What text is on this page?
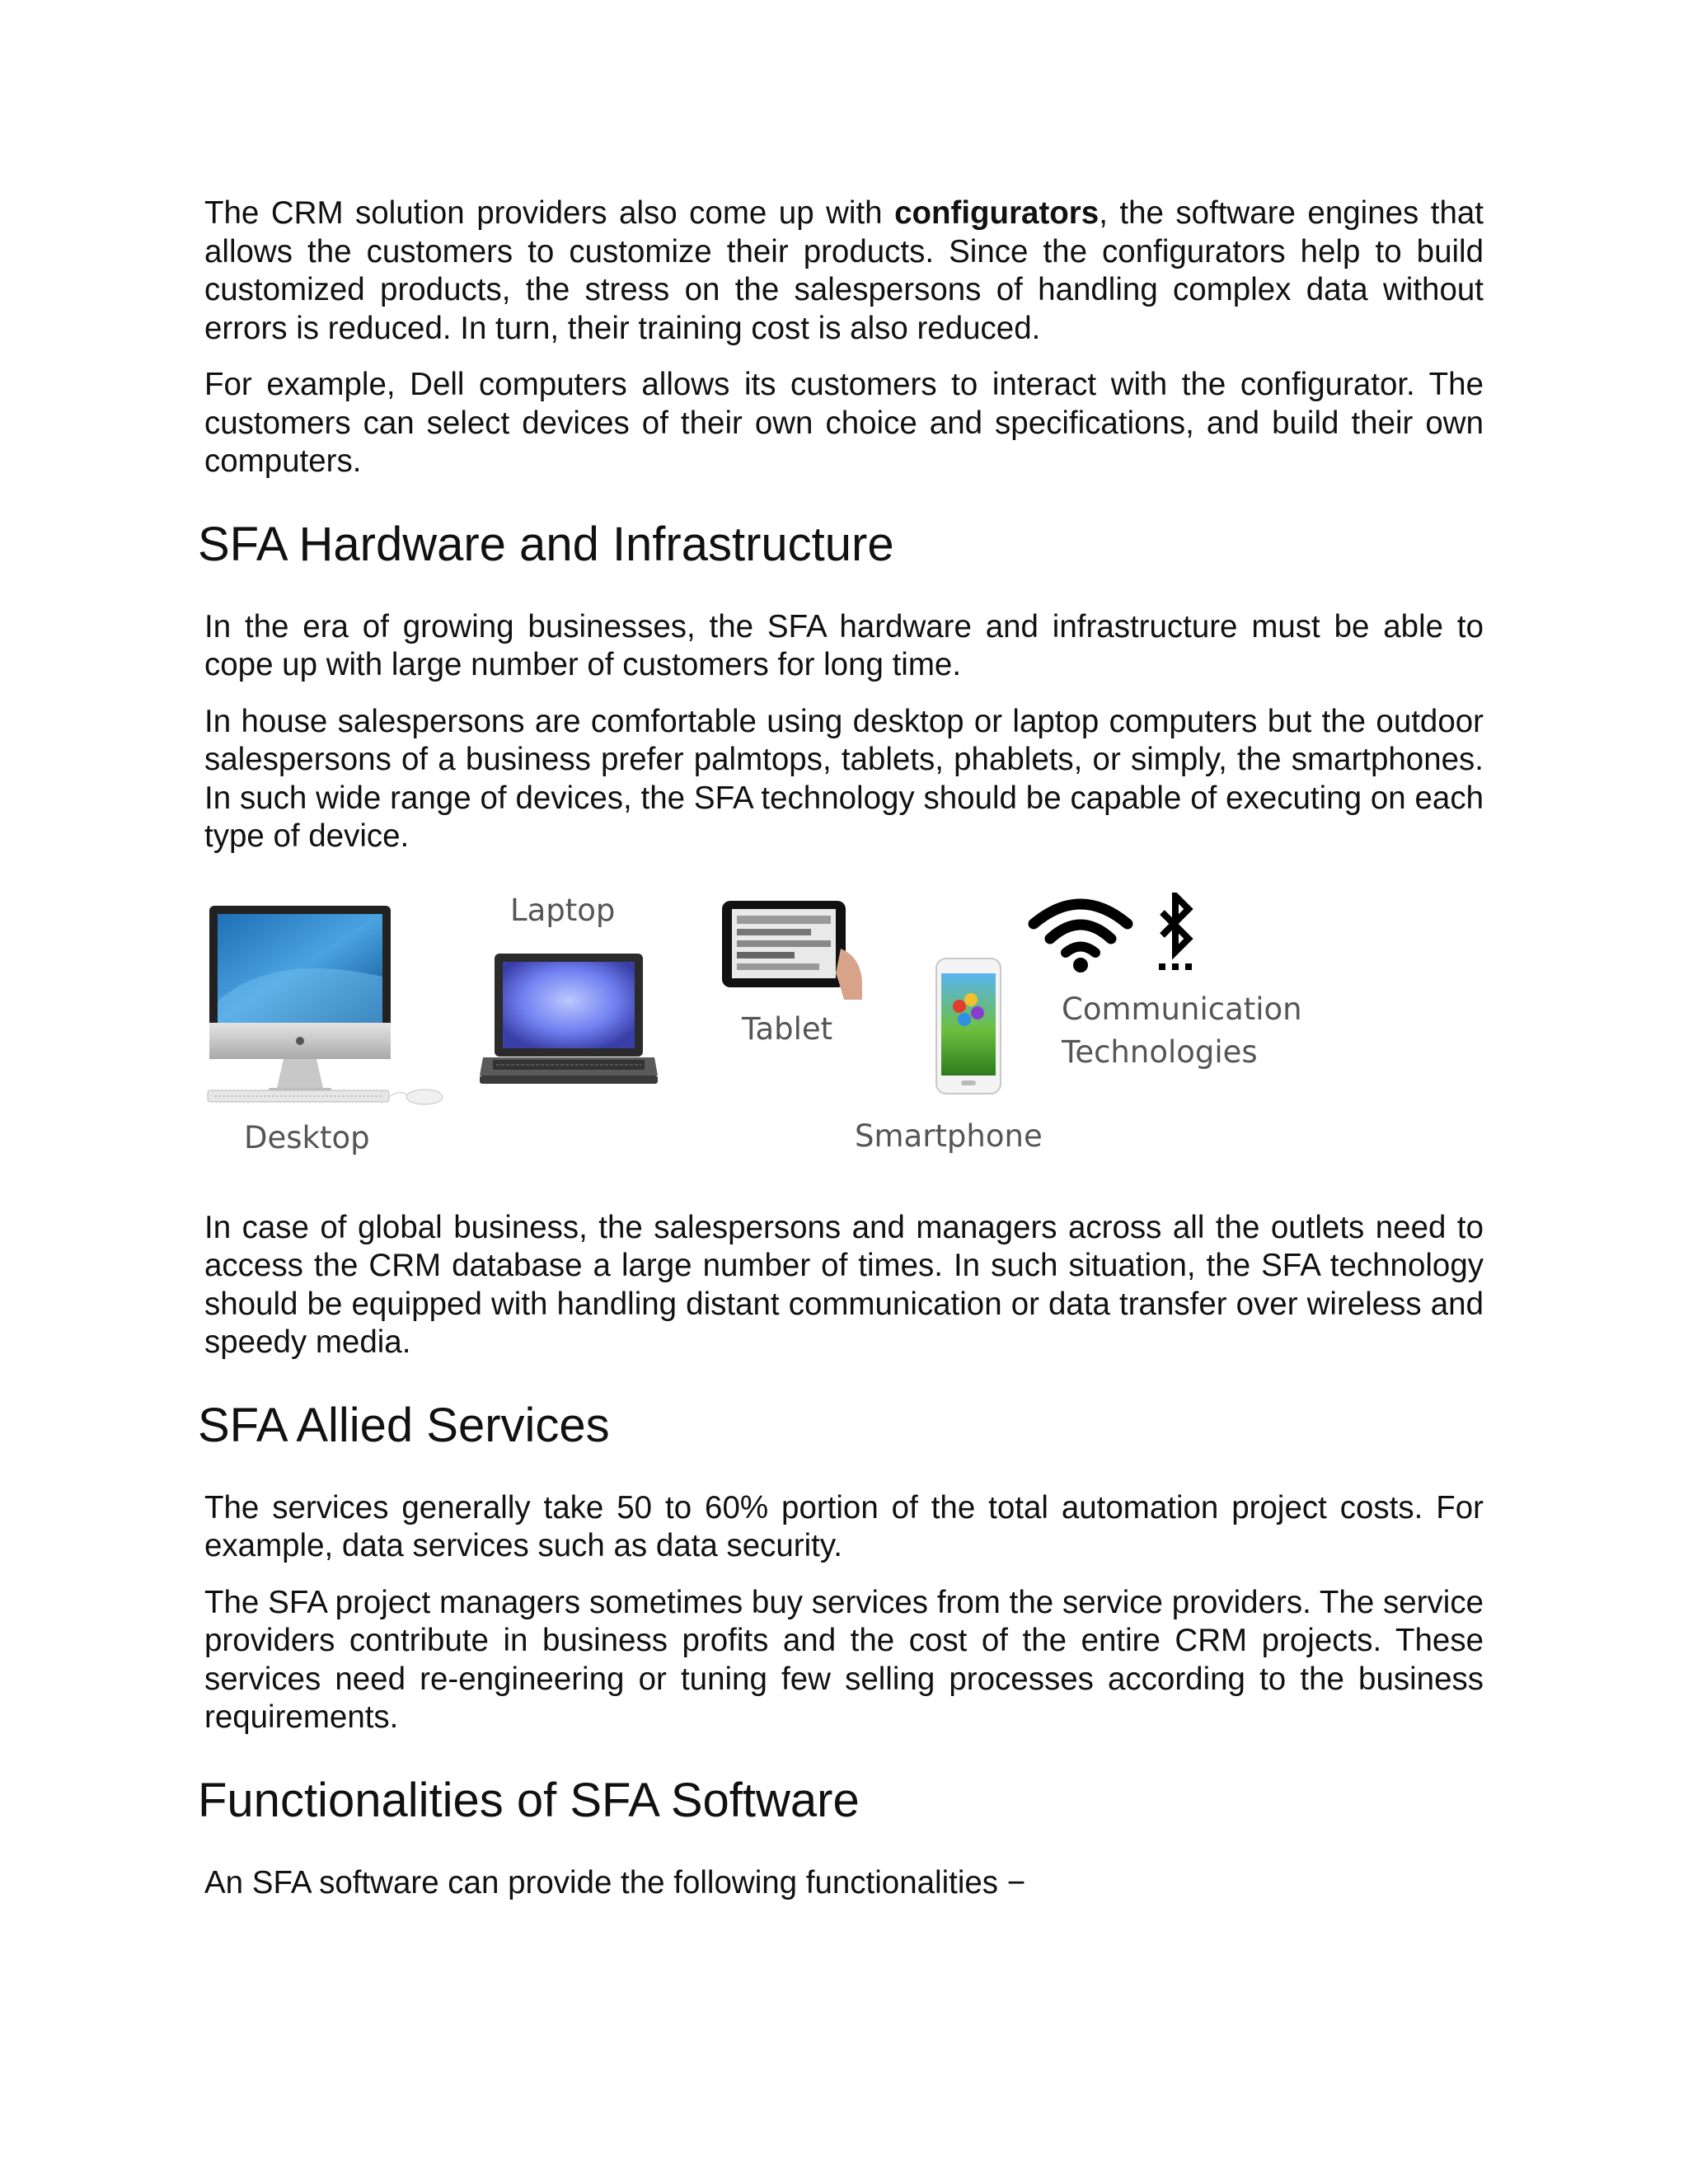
The CRM solution providers also come up with configurators, the software engines that allows the customers to customize their products. Since the configurators help to build customized products, the stress on the salespersons of handling complex data without errors is reduced. In turn, their training cost is also reduced.

For example, Dell computers allows its customers to interact with the configurator. The customers can select devices of their own choice and specifications, and build their own computers.

SFA Hardware and Infrastructure

In the era of growing businesses, the SFA hardware and infrastructure must be able to cope up with large number of customers for long time.

In house salespersons are comfortable using desktop or laptop computers but the outdoor salespersons of a business prefer palmtops, tablets, phablets, or simply, the smartphones. In such wide range of devices, the SFA technology should be capable of executing on each type of device.

Desktop
Laptop
Tablet
Smartphone
Communication
Technologies

In case of global business, the salespersons and managers across all the outlets need to access the CRM database a large number of times. In such situation, the SFA technology should be equipped with handling distant communication or data transfer over wireless and speedy media.

SFA Allied Services

The services generally take 50 to 60% portion of the total automation project costs. For example, data services such as data security.

The SFA project managers sometimes buy services from the service providers. The service providers contribute in business profits and the cost of the entire CRM projects. These services need re-engineering or tuning few selling processes according to the business requirements.

Functionalities of SFA Software

An SFA software can provide the following functionalities −
